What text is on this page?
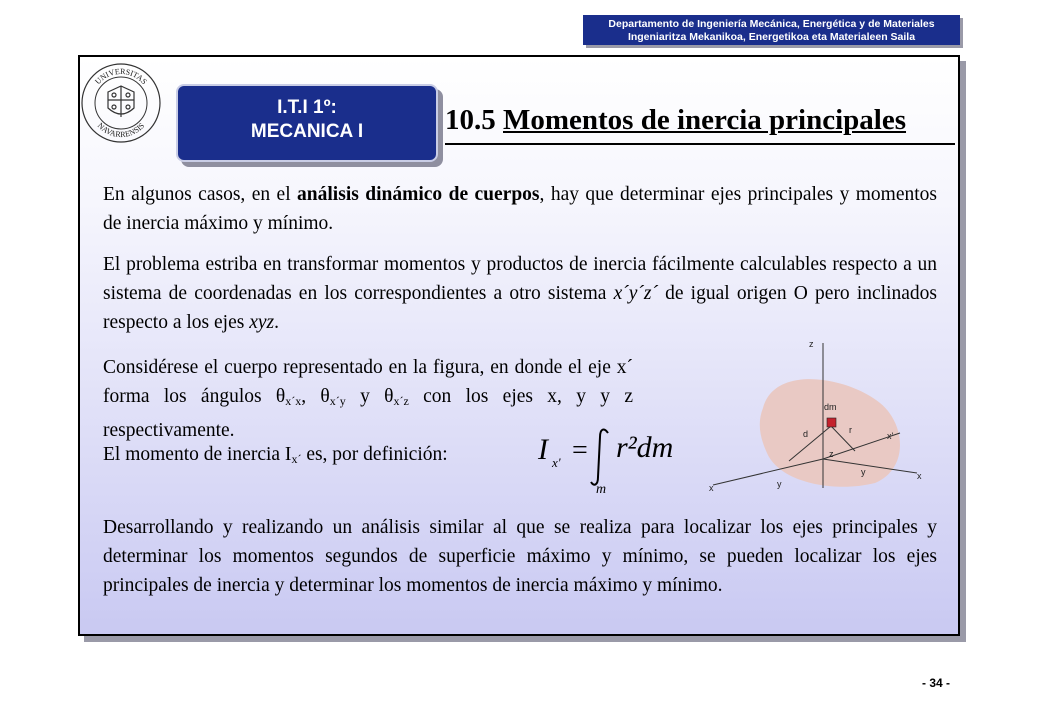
Departamento de Ingeniería Mecánica, Energética y de Materiales
Ingeniaritza Mekanikoa, Energetikoa eta Materialeen Saila
UNIVERSITAS
NAVARRENSIS
I.T.I 1º:
MECANICA I	10.5 Momentos de inercia principales

En algunos casos, en el análisis dinámico de cuerpos, hay que determinar ejes principales y momentos de inercia máximo y mínimo.

El problema estriba en transformar momentos y productos de inercia fácilmente calculables respecto a un sistema de coordenadas en los correspondientes a otro sistema x´y´z´ de igual origen O pero inclinados respecto a los ejes xyz.

Considérese el cuerpo representado en la figura, en donde el eje x´ forma los ángulos $\theta_{x´x}$, $\theta_{x´y}$ y $\theta_{x´z}$ con los ejes x, y y z respectivamente.

El momento de inercia $I_{x´}$ es, por definición:	I x' = r²dm
m
z
dm
r
d	x'
y
y
x
x
z

Desarrollando y realizando un análisis similar al que se realiza para localizar los ejes principales y determinar los momentos segundos de superficie máximo y mínimo, se pueden localizar los ejes principales de inercia y determinar los momentos de inercia máximo y mínimo.

- 34 -
